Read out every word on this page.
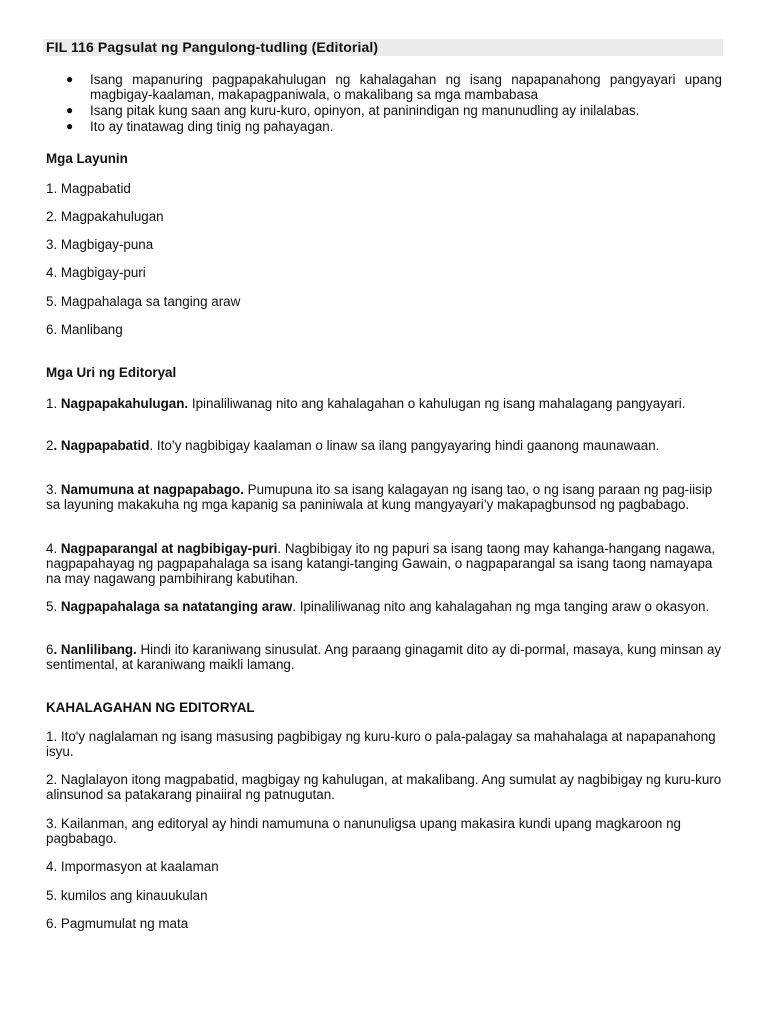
FIL 116 Pagsulat ng Pangulong-tudling (Editorial)
● Isang mapanuring pagpapakahulugan ng kahalagahan ng isang napapanahong pangyayari upang magbigay-kaalaman, makapagpaniwala, o makalibang sa mga mambabasa
● Isang pitak kung saan ang kuru-kuro, opinyon, at paninindigan ng manunudling ay inilalabas.
● Ito ay tinatawag ding tinig ng pahayagan.
Mga Layunin
1. Magpabatid
2. Magpakahulugan
3. Magbigay-puna
4. Magbigay-puri
5. Magpahalaga sa tanging araw
6. Manlibang
Mga Uri ng Editoryal
1. Nagpapakahulugan. Ipinaliliwanag nito ang kahalagahan o kahulugan ng isang mahalagang pangyayari.
2. Nagpapabatid. Ito’y nagbibigay kaalaman o linaw sa ilang pangyayaring hindi gaanong maunawaan.
3. Namumuna at nagpapabago. Pumupuna ito sa isang kalagayan ng isang tao, o ng isang paraan ng pag-iisip sa layuning makakuha ng mga kapanig sa paniniwala at kung mangyayari’y makapagbunsod ng pagbabago.
4. Nagpaparangal at nagbibigay-puri. Nagbibigay ito ng papuri sa isang taong may kahanga-hangang nagawa, nagpapahayag ng pagpapahalaga sa isang katangi-tanging Gawain, o nagpaparangal sa isang taong namayapa na may nagawang pambihirang kabutihan.
5. Nagpapahalaga sa natatanging araw. Ipinaliliwanag nito ang kahalagahan ng mga tanging araw o okasyon.
6. Nanlilibang. Hindi ito karaniwang sinusulat. Ang paraang ginagamit dito ay di-pormal, masaya, kung minsan ay sentimental, at karaniwang maikli lamang.
KAHALAGAHAN NG EDITORYAL
1. Ito'y naglalaman ng isang masusing pagbibigay ng kuru-kuro o pala-palagay sa mahahalaga at napapanahong isyu.
2. Naglalayon itong magpabatid, magbigay ng kahulugan, at makalibang. Ang sumulat ay nagbibigay ng kuru-kuro alinsunod sa patakarang pinaiiral ng patnugutan.
3. Kailanman, ang editoryal ay hindi namumuna o nanunuligsa upang makasira kundi upang magkaroon ng pagbabago.
4. Impormasyon at kaalaman
5. kumilos ang kinauukulan
6. Pagmumulat ng mata
